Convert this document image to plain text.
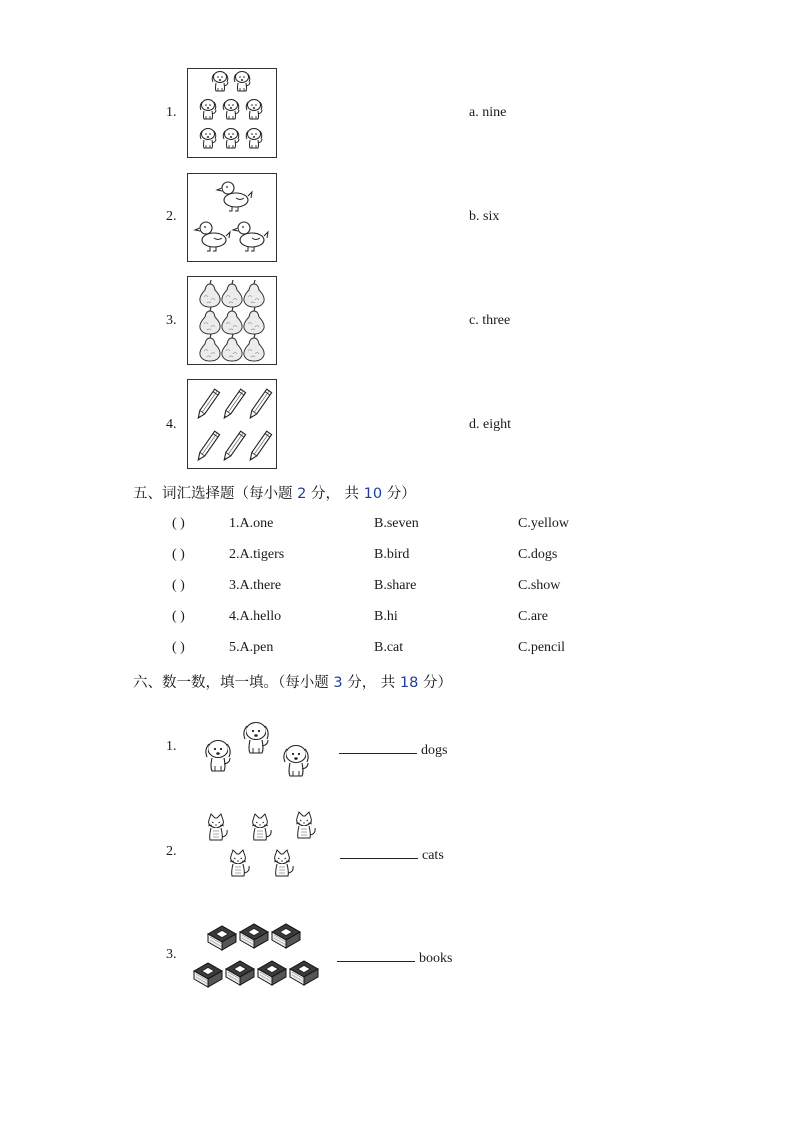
1.	a. nine
2.	b. six
3.	c. three
4.	d. eight
五、词汇选择题（每小题 2 分， 共 10 分）
( )	1.A.one	B.seven	C.yellow
( )	2.A.tigers	B.bird	C.dogs
( )	3.A.there	B.share	C.show
( )	4.A.hello	B.hi	C.are
( )	5.A.pen	B.cat	C.pencil
六、数一数，填一填。（每小题 3 分， 共 18 分）
1.	dogs
2.	cats
3.	books
